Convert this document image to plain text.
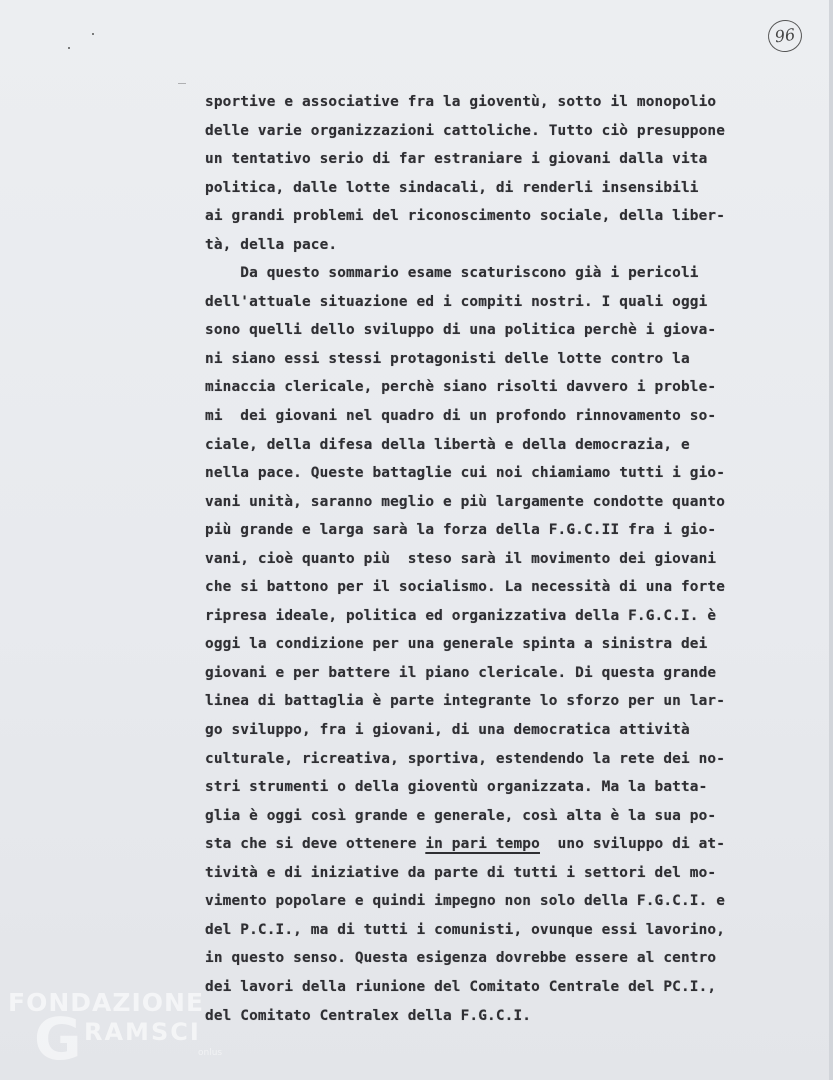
96
sportive e associative fra la gioventù, sotto il monopolio
delle varie organizzazioni cattoliche. Tutto ciò presuppone
un tentativo serio di far estraniare i giovani dalla vita
politica, dalle lotte sindacali, di renderli insensibili
ai grandi problemi del riconoscimento sociale, della liber-
tà, della pace.
Da questo sommario esame scaturiscono già i pericoli
dell'attuale situazione ed i compiti nostri. I quali oggi
sono quelli dello sviluppo di una politica perchè i giova-
ni siano essi stessi protagonisti delle lotte contro la
minaccia clericale, perchè siano risolti davvero i proble-
mi  dei giovani nel quadro di un profondo rinnovamento so-
ciale, della difesa della libertà e della democrazia, e
nella pace. Queste battaglie cui noi chiamiamo tutti i gio-
vani unità, saranno meglio e più largamente condotte quanto
più grande e larga sarà la forza della F.G.C.II fra i gio-
vani, cioè quanto più  steso sarà il movimento dei giovani
che si battono per il socialismo. La necessità di una forte
ripresa ideale, politica ed organizzativa della F.G.C.I. è
oggi la condizione per una generale spinta a sinistra dei
giovani e per battere il piano clericale. Di questa grande
linea di battaglia è parte integrante lo sforzo per un lar-
go sviluppo, fra i giovani, di una democratica attività
culturale, ricreativa, sportiva, estendendo la rete dei no-
stri strumenti o della gioventù organizzata. Ma la batta-
glia è oggi così grande e generale, così alta è la sua po-
sta che si deve ottenere in pari tempo  uno sviluppo di at-
tività e di iniziative da parte di tutti i settori del mo-
vimento popolare e quindi impegno non solo della F.G.C.I. e
del P.C.I., ma di tutti i comunisti, ovunque essi lavorino,
in questo senso. Questa esigenza dovrebbe essere al centro
dei lavori della riunione del Comitato Centrale del PC.I.,
del Comitato Centralex della F.G.C.I.
FONDAZIONE
G RAMSCI
onlus
